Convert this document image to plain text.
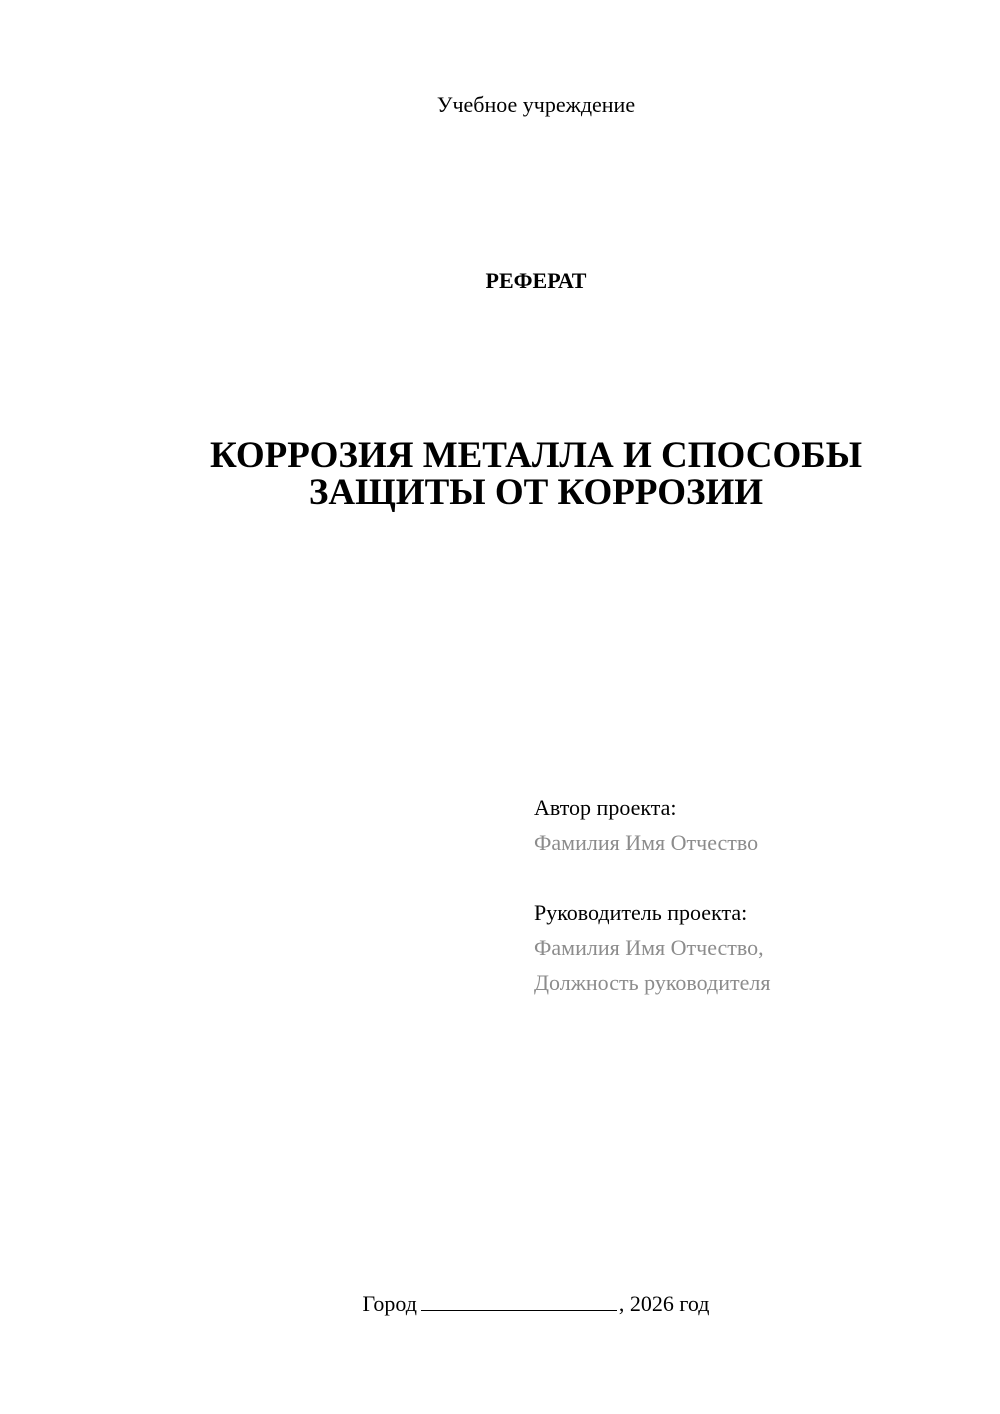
Учебное учреждение
РЕФЕРАТ
КОРРОЗИЯ МЕТАЛЛА И СПОСОБЫ
ЗАЩИТЫ ОТ КОРРОЗИИ
Автор проекта:
Фамилия Имя Отчество
Руководитель проекта:
Фамилия Имя Отчество,
Должность руководителя
Город	, 2026 год
